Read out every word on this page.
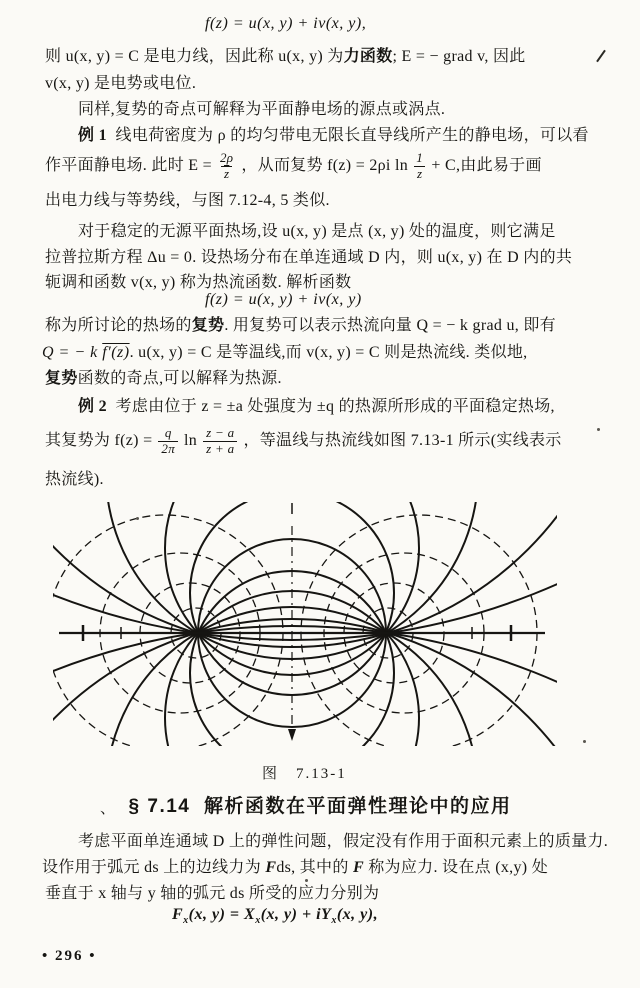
f(z) = u(x, y) + iv(x, y),
则 u(x, y) = C 是电力线，因此称 u(x, y) 为力函数; E = − grad v, 因此
v(x, y) 是电势或电位.
同样,复势的奇点可解释为平面静电场的源点或涡点.
例 1 线电荷密度为 ρ 的均匀带电无限长直导线所产生的静电场，可以看
作平面静电场. 此时 $E = \frac{2\rho}{z}$ ，从而复势 f(z) = 2ρi $\ln \frac{1}{z} + C$,由此易于画
出电力线与等势线，与图 7.12-4, 5 类似.
对于稳定的无源平面热场,设 u(x, y) 是点 (x, y) 处的温度，则它满足
拉普拉斯方程 Δu = 0. 设热场分布在单连通域 D 内，则 u(x, y) 在 D 内的共
轭调和函数 v(x, y) 称为热流函数. 解析函数
f(z) = u(x, y) + iv(x, y)
称为所讨论的热场的复势. 用复势可以表示热流向量 Q = − k grad u, 即有
Q = − k f′(z). u(x, y) = C 是等温线,而 v(x, y) = C 则是热流线. 类似地,
复势函数的奇点,可以解释为热源.
例 2 考虑由位于 z = ±a 处强度为 ±q 的热源所形成的平面稳定热场,
其复势为 $f(z) = \frac{q}{2\pi}$ $\ln \frac{z - a}{z + a}$ ，等温线与热流线如图 7.13-1 所示(实线表示
热流线).
图　7.13-1
、 § 7.14 解析函数在平面弹性理论中的应用
考虑平面单连通域 D 上的弹性问题，假定没有作用于面积元素上的质量力.
设作用于弧元 ds 上的边线力为 Fds, 其中的 F 称为应力. 设在点 (x,y) 处
垂直于 x 轴与 y 轴的弧元 ds 所受的应力分别为
$F_x(x$, $y) = X_x(x$, $y) + iY_x(x$, y),
• 296 •
